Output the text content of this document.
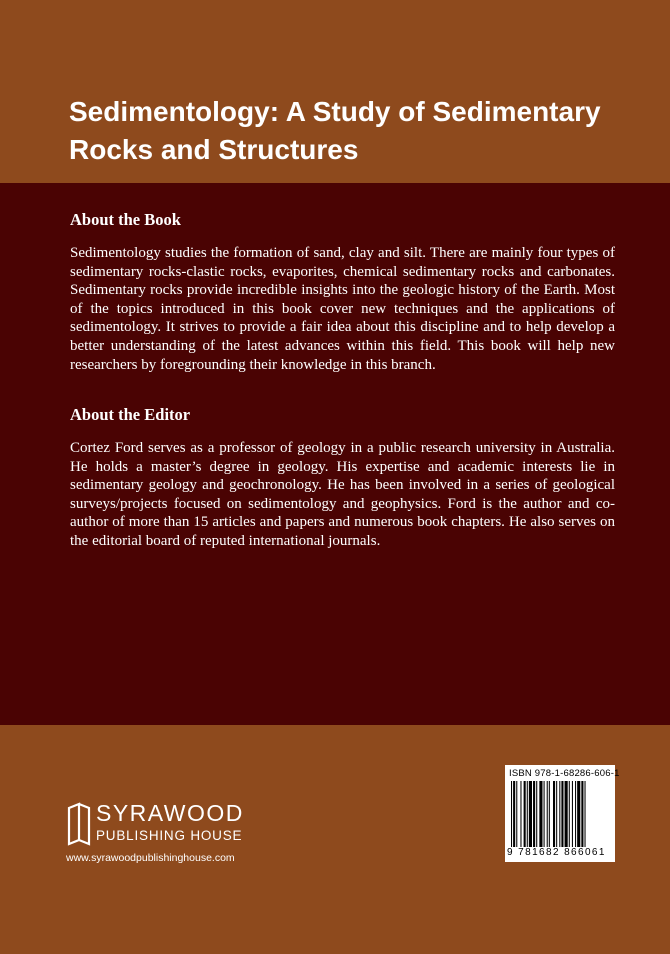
Sedimentology: A Study of Sedimentary Rocks and Structures
About the Book

Sedimentology studies the formation of sand, clay and silt. There are mainly four types of sedimentary rocks-clastic rocks, evaporites, chemical sedimentary rocks and carbonates. Sedimentary rocks provide incredible insights into the geologic history of the Earth. Most of the topics introduced in this book cover new techniques and the applications of sedimentology. It strives to provide a fair idea about this discipline and to help develop a better understanding of the latest advances within this field. This book will help new researchers by foregrounding their knowledge in this branch.

About the Editor

Cortez Ford serves as a professor of geology in a public research university in Australia. He holds a master’s degree in geology. His expertise and academic interests lie in sedimentary geology and geochronology. He has been involved in a series of geological surveys/projects focused on sedimentology and geophysics. Ford is the author and co-author of more than 15 articles and papers and numerous book chapters. He also serves on the editorial board of reputed international journals.

SYRAWOOD
PUBLISHING HOUSE
www.syrawoodpublishinghouse.com
ISBN 978-1-68286-606-1
9 781682 866061
